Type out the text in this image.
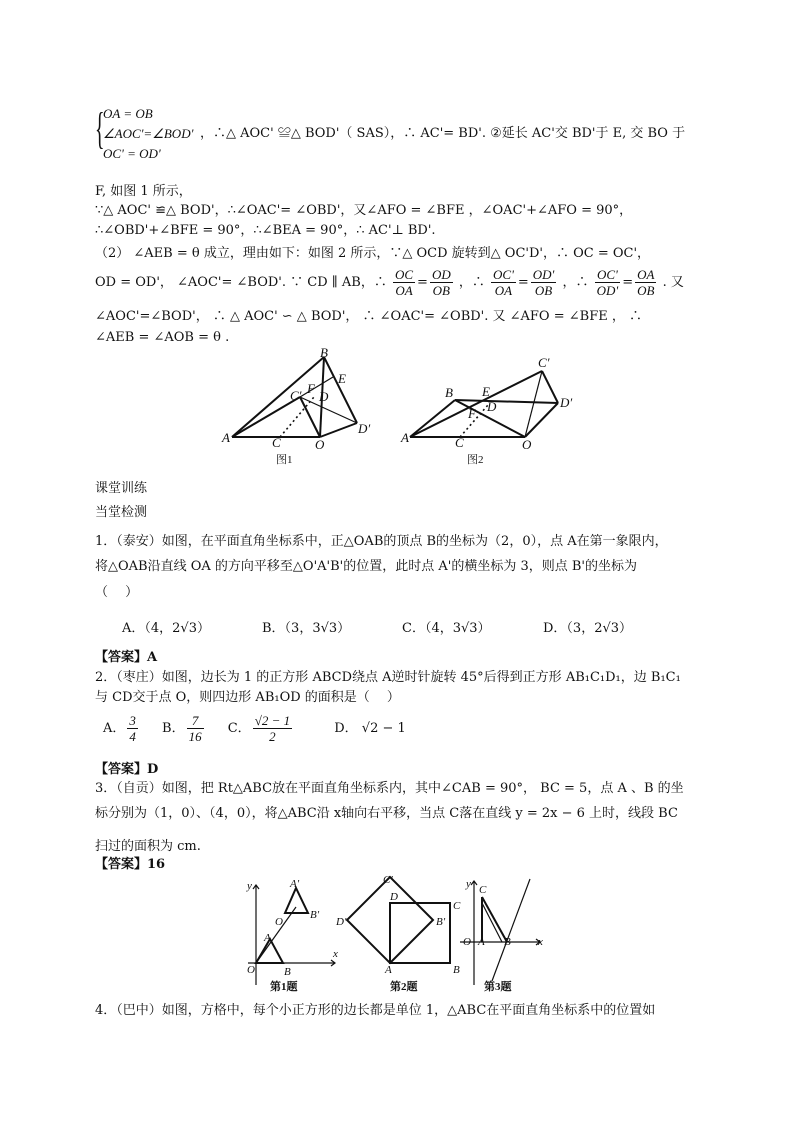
{
OA = OB
∠AOC'=∠BOD' ，∴△ AOC' ≌△ BOD'（ SAS），∴ AC'= BD'. ②延长 AC'交 BD'于 E, 交 BO 于
OC' = OD'
F, 如图 1 所示，
∵△ AOC' ≌△ BOD'，∴∠OAC'= ∠OBD'，又∠AFO = ∠BFE ，∠OAC'+∠AFO = 90°，
∴∠OBD'+∠BFE = 90°，∴∠BEA = 90°，∴ AC'⊥ BD'.
（2） ∠AEB = θ 成立，理由如下：如图 2 所示，∵△ OCD 旋转到△ OC'D'，∴ OC = OC'，
OD = OD'， ∠AOC'= ∠BOD'. ∵ CD ∥ AB，∴ $\frac{OC}{OA} = \frac{OD}{OB}$ ，∴ $\frac{OC'}{OA} = \frac{OD'}{OB}$ ，∴ $\frac{OC'}{OD'} = \frac{OA}{OB}$ . 又
∠AOC'=∠BOD'， ∴ △ AOC' ∽ △ BOD'， ∴ ∠OAC'= ∠OBD'. 又 ∠AFO = ∠BFE ， ∴
∠AEB = ∠AOB = θ .
A	C	O
B
E
F
C′ D
D′
A	C	O
B E
D
F
C′
D′
图1	图2
课堂训练
当堂检测
1．（泰安）如图，在平面直角坐标系中，正△OAB的顶点 B的坐标为（2，0），点 A在第一象限内，
将△OAB沿直线 OA 的方向平移至△O'A'B'的位置，此时点 A'的横坐标为 3，则点 B'的坐标为
（　 ）
A．（4，2√3）	B．（3，3√3）	C．（4，3√3）	D．（3，2√3）
【答案】A
2．（枣庄）如图，边长为 1 的正方形 ABCD绕点 A逆时针旋转 45°后得到正方形 AB₁C₁D₁，边 B₁C₁
与 CD交于点 O，则四边形 AB₁OD 的面积是（　 ）
A． $\frac{3}{4}$ B． $\frac{7}{16}$ C． $\frac{√2 - 1}{2}$	D． √2 − 1
【答案】D
3．（自贡）如图，把 Rt△ABC放在平面直角坐标系内，其中∠CAB = 90°， BC = 5，点 A 、B 的坐
标分别为（1，0）、（4，0），将△ABC沿 x轴向右平移，当点 C落在直线 y = 2x − 6 上时，线段 BC
扫过的面积为 cm.
【答案】16
y
x
O	B
A
O
A′
B′
A	B
C
C′
D′	B′
D
y
x
O A B
C
第1题	第2题	第3题
4．（巴中）如图，方格中，每个小正方形的边长都是单位 1，△ABC在平面直角坐标系中的位置如
